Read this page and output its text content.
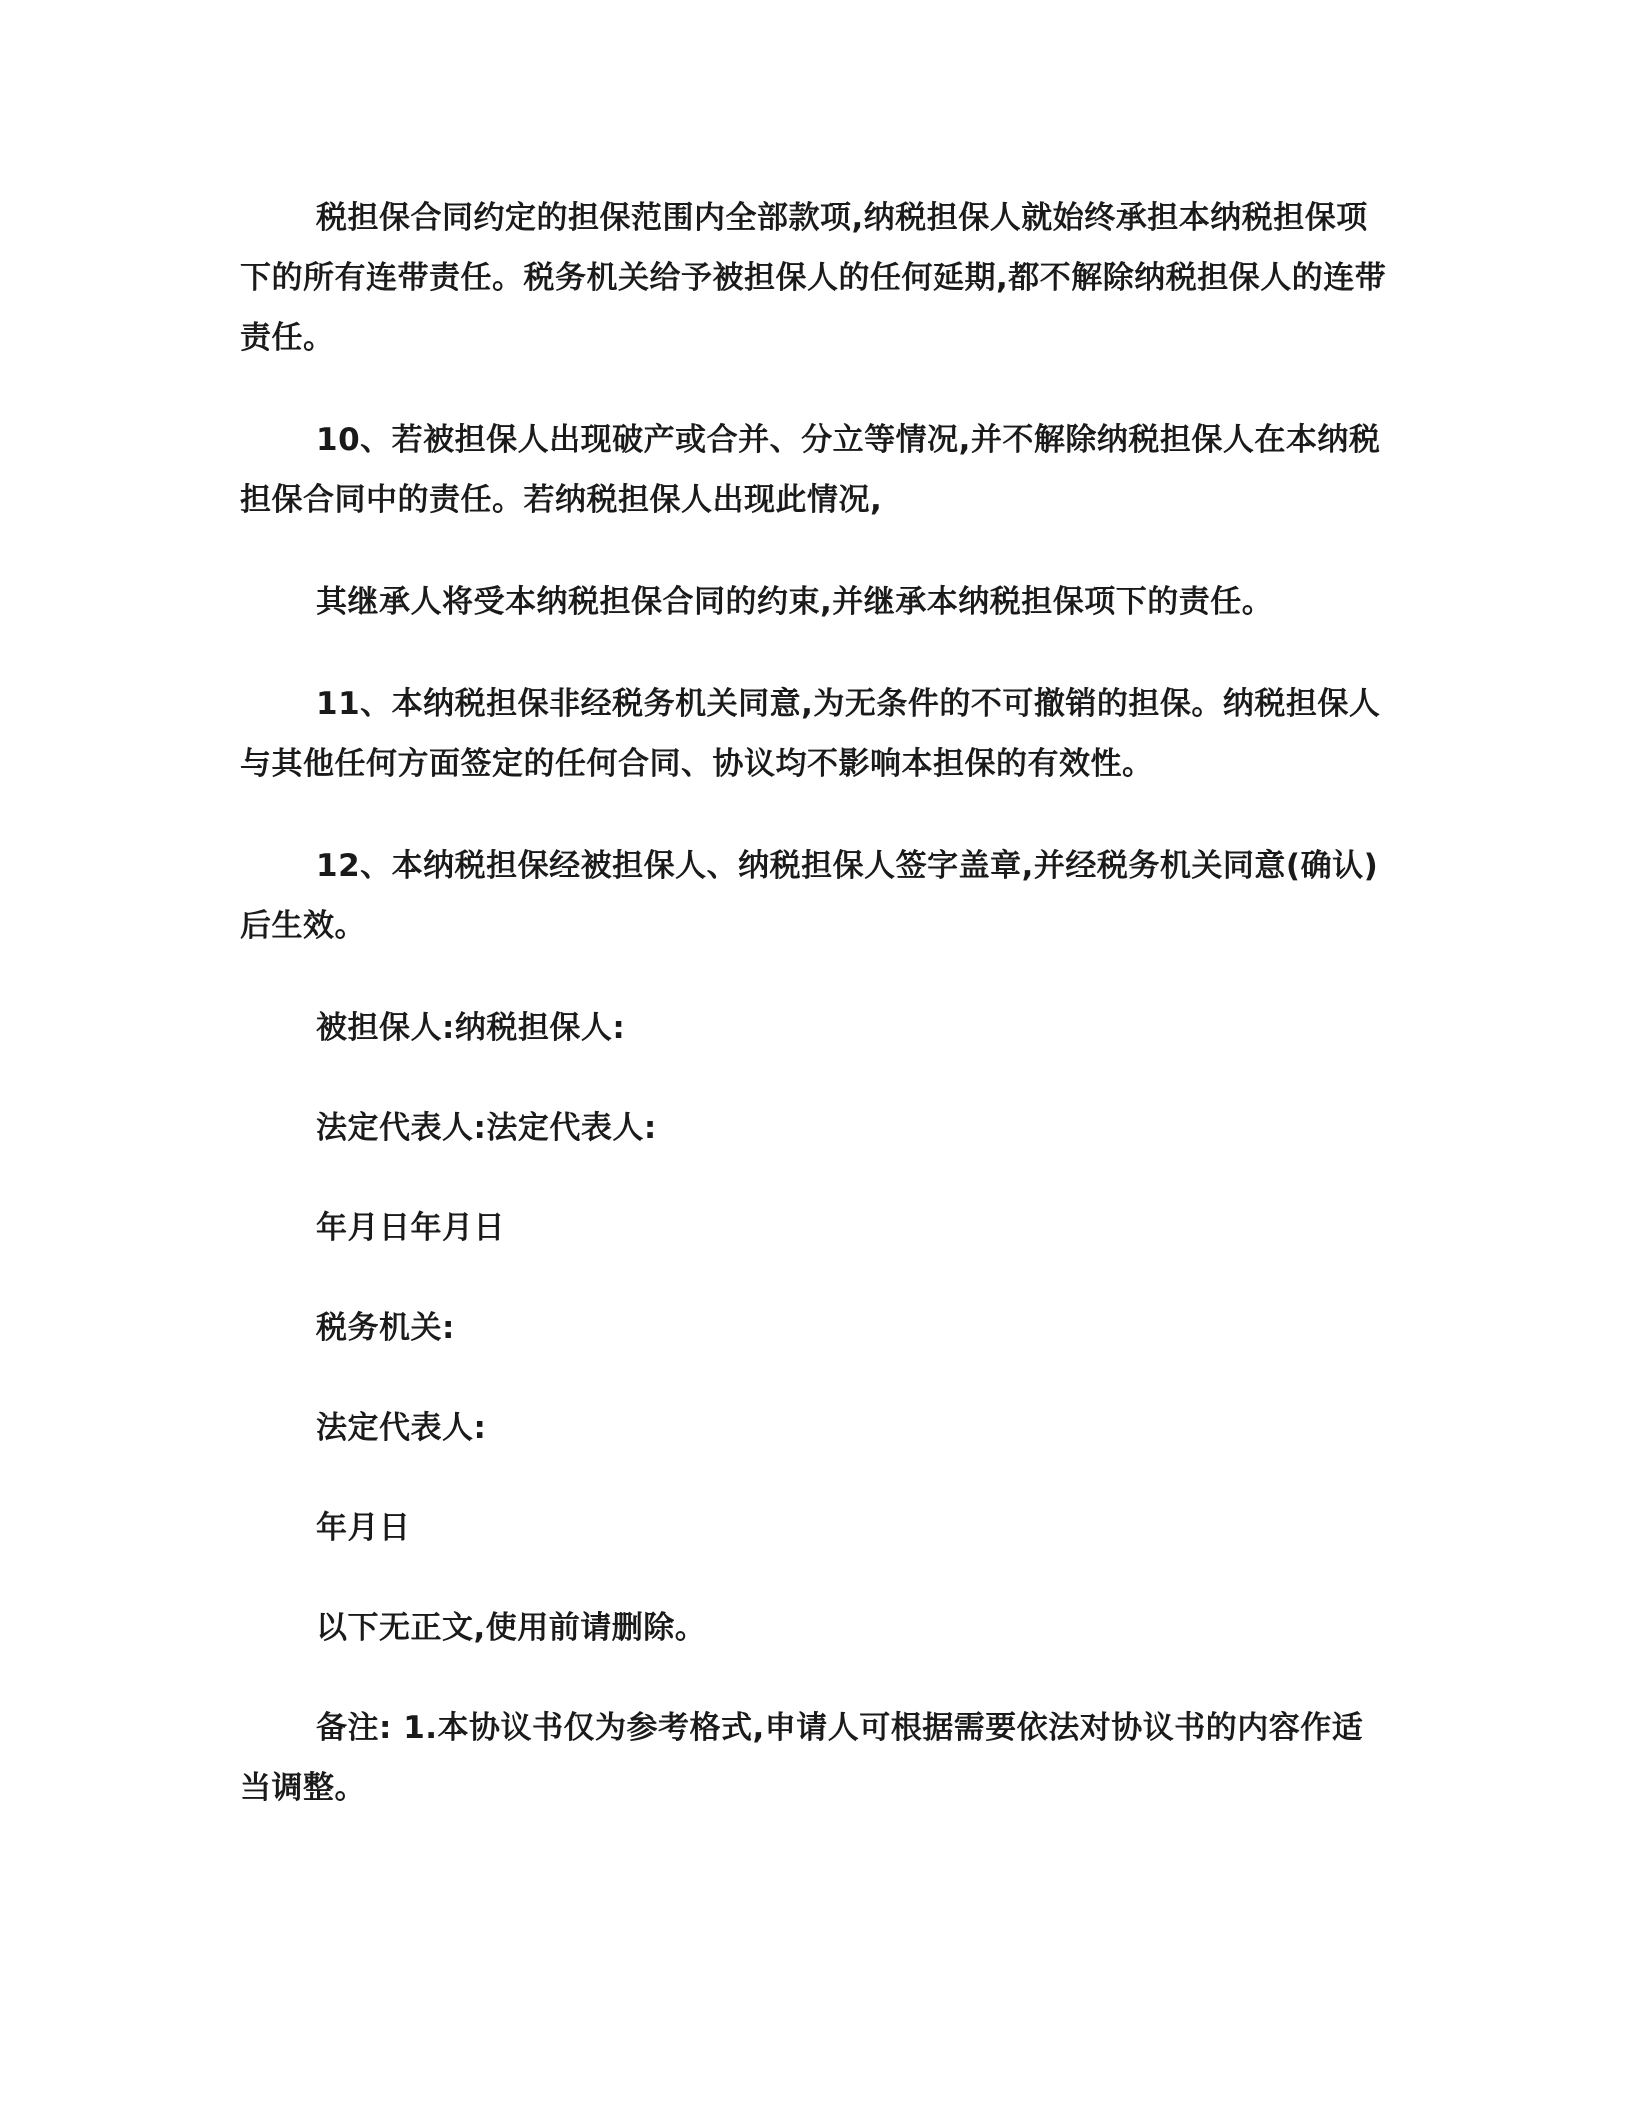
税担保合同约定的担保范围内全部款项,纳税担保人就始终承担本纳税担保项下的所有连带责任。税务机关给予被担保人的任何延期,都不解除纳税担保人的连带责任。

10、若被担保人出现破产或合并、分立等情况,并不解除纳税担保人在本纳税担保合同中的责任。若纳税担保人出现此情况,

其继承人将受本纳税担保合同的约束,并继承本纳税担保项下的责任。

11、本纳税担保非经税务机关同意,为无条件的不可撤销的担保。纳税担保人与其他任何方面签定的任何合同、协议均不影响本担保的有效性。

12、本纳税担保经被担保人、纳税担保人签字盖章,并经税务机关同意(确认)后生效。

被担保人:纳税担保人:

法定代表人:法定代表人:

年月日年月日

税务机关:

法定代表人:

年月日

以下无正文,使用前请删除。

备注: 1.本协议书仅为参考格式,申请人可根据需要依法对协议书的内容作适当调整。
